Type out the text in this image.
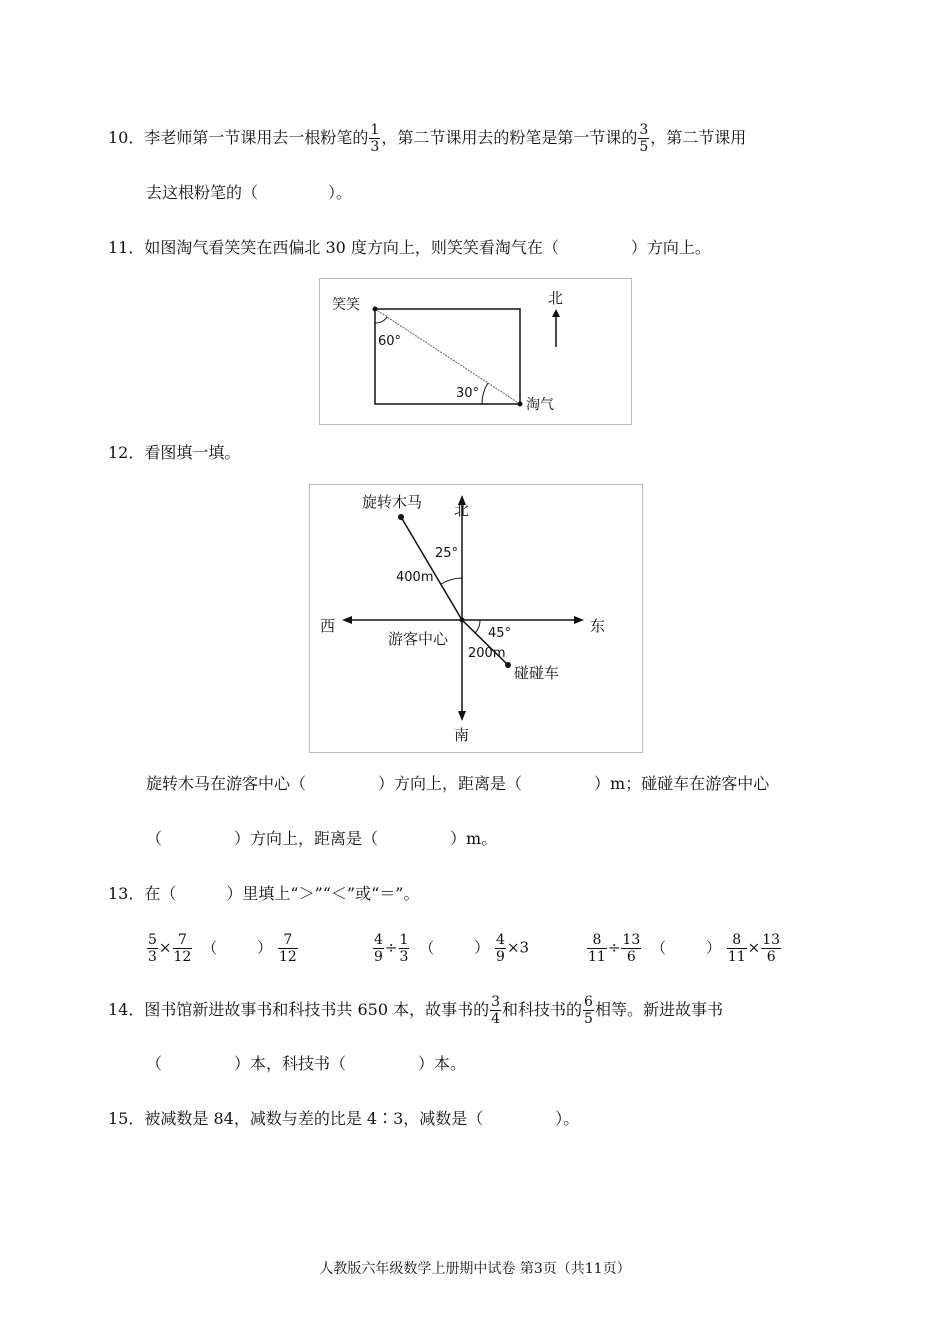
10．李老师第一节课用去一根粉笔的 $\frac{1}{3}$ ，第二节课用去的粉笔是第一节课的 $\frac{3}{5}$ ，第二节课用
去这根粉笔的（	）。
11．如图淘气看笑笑在西偏北 30 度方向上，则笑笑看淘气在（	）方向上。
笑笑
淘气
60°
30°
北
12．看图填一填。
旋转木马 北
西	东
南
游客中心
碰碰车
25°
400m
45°
200m
旋转木马在游客中心（	）方向上，距离是（	）m；碰碰车在游客中心
（	）方向上，距离是（	）m。
13．在（	）里填上“＞”“＜”或“＝”。
$\frac{5}{3} \times \frac{7}{12}$ （	） $\frac{7}{12}$	$\frac{4}{9} \div \frac{1}{3}$ （	） $\frac{4}{9} \times 3$	$\frac{8}{11} \div \frac{13}{6}$ （	） $\frac{8}{11} \times \frac{13}{6}$
14．图书馆新进故事书和科技书共 650 本，故事书的 $\frac{3}{4}$ 和科技书的 $\frac{6}{5}$ 相等。新进故事书
（	）本，科技书（	）本。
15．被减数是 84，减数与差的比是 4∶3，减数是（	）。
人教版六年级数学上册期中试卷 第3页（共11页）
